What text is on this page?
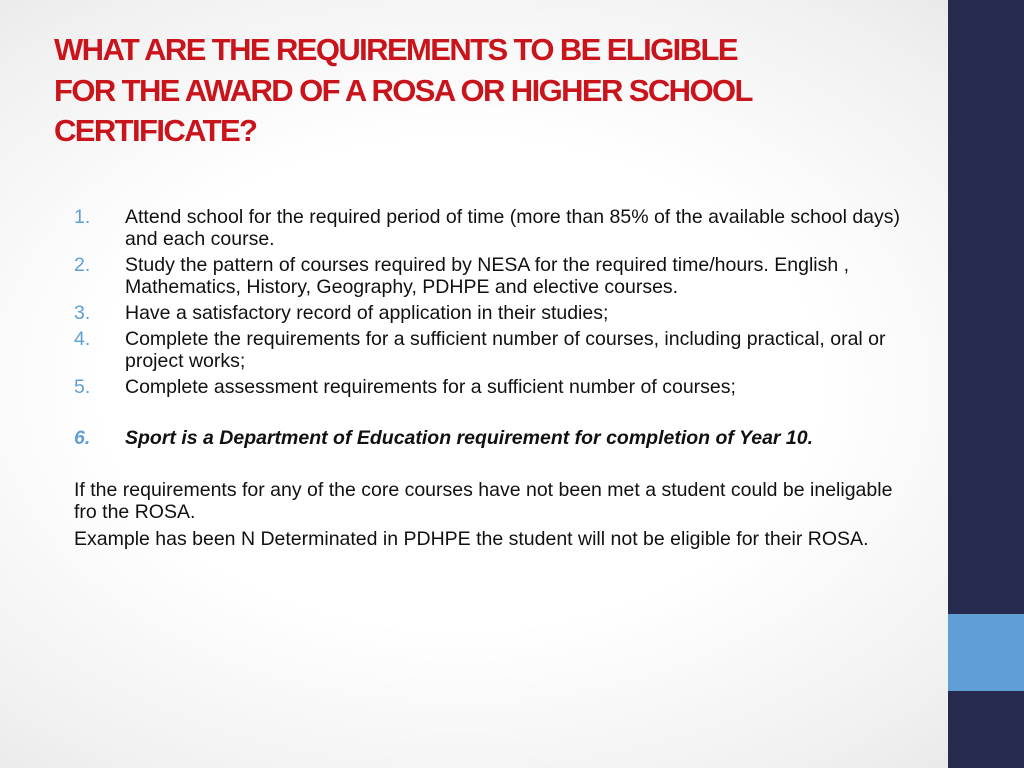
WHAT ARE THE REQUIREMENTS TO BE ELIGIBLE
FOR THE AWARD OF A ROSA OR HIGHER SCHOOL
CERTIFICATE?
1. Attend school for the required period of time (more than 85% of the available school days) and each course.
2. Study the pattern of courses required by NESA for the required time/hours. English , Mathematics, History, Geography, PDHPE and elective courses.
3. Have a satisfactory record of application in their studies;
4. Complete the requirements for a sufficient number of courses, including practical, oral or project works;
5. Complete assessment requirements for a sufficient number of courses;
6. Sport is a Department of Education requirement for completion of Year 10.

If the requirements for any of the core courses have not been met a student could be ineligable fro the ROSA.

Example has been N Determinated in PDHPE the student will not be eligible for their ROSA.
